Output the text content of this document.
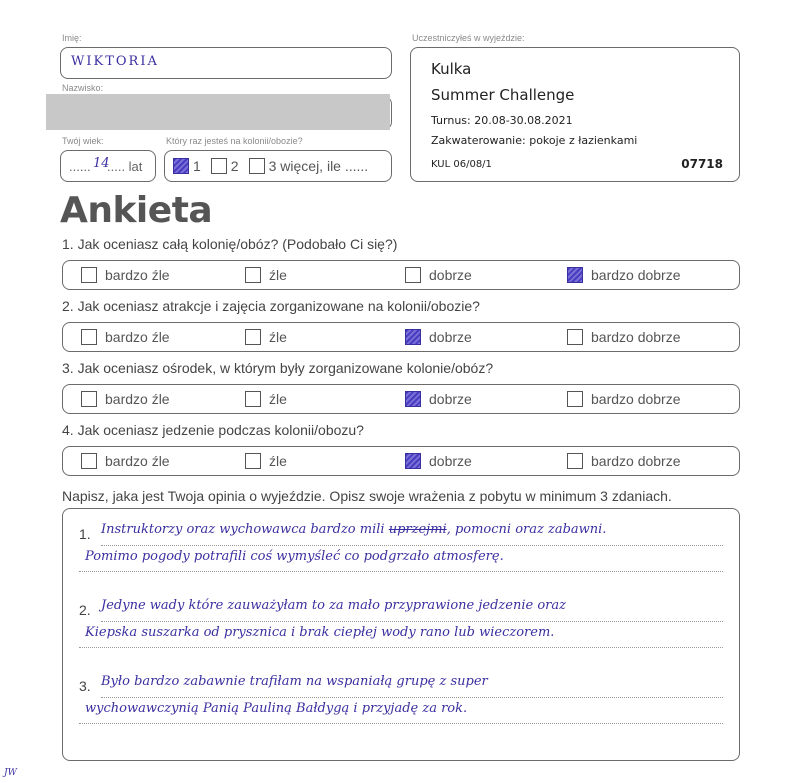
Imię:
WIKTORIA
Nazwisko:
Twój wiek:
...... 14
..... lat
Który raz jesteś na kolonii/obozie?
1 2 3 więcej, ile ......
Uczestniczyłeś w wyjeździe:
Kulka
Summer Challenge
Turnus: 20.08-30.08.2021
Zakwaterowanie: pokoje z łazienkami
KUL 06/08/1	07718
Ankieta
1. Jak oceniasz całą kolonię/obóz? (Podobało Ci się?)
bardzo źle	źle	dobrze	bardzo dobrze
2. Jak oceniasz atrakcje i zajęcia zorganizowane na kolonii/obozie?
bardzo źle	źle	dobrze	bardzo dobrze
3. Jak oceniasz ośrodek, w którym były zorganizowane kolonie/obóz?
bardzo źle	źle	dobrze	bardzo dobrze
4. Jak oceniasz jedzenie podczas kolonii/obozu?
bardzo źle	źle	dobrze	bardzo dobrze
Napisz, jaka jest Twoja opinia o wyjeździe. Opisz swoje wrażenia z pobytu w minimum 3 zdaniach.
1.
2.
3.
Instruktorzy oraz wychowawca bardzo mili uprzejmi, pomocni oraz zabawni.
Pomimo pogody potrafili coś wymyśleć co podgrzało atmosferę.
Jedyne wady które zauważyłam to za mało przyprawione jedzenie oraz
Kiepska suszarka od prysznica i brak ciepłej wody rano lub wieczorem.
Było bardzo zabawnie trafiłam na wspaniałą grupę z super
wychowawczynią Panią Pauliną Bałdygą i przyjadę za rok.
JW
